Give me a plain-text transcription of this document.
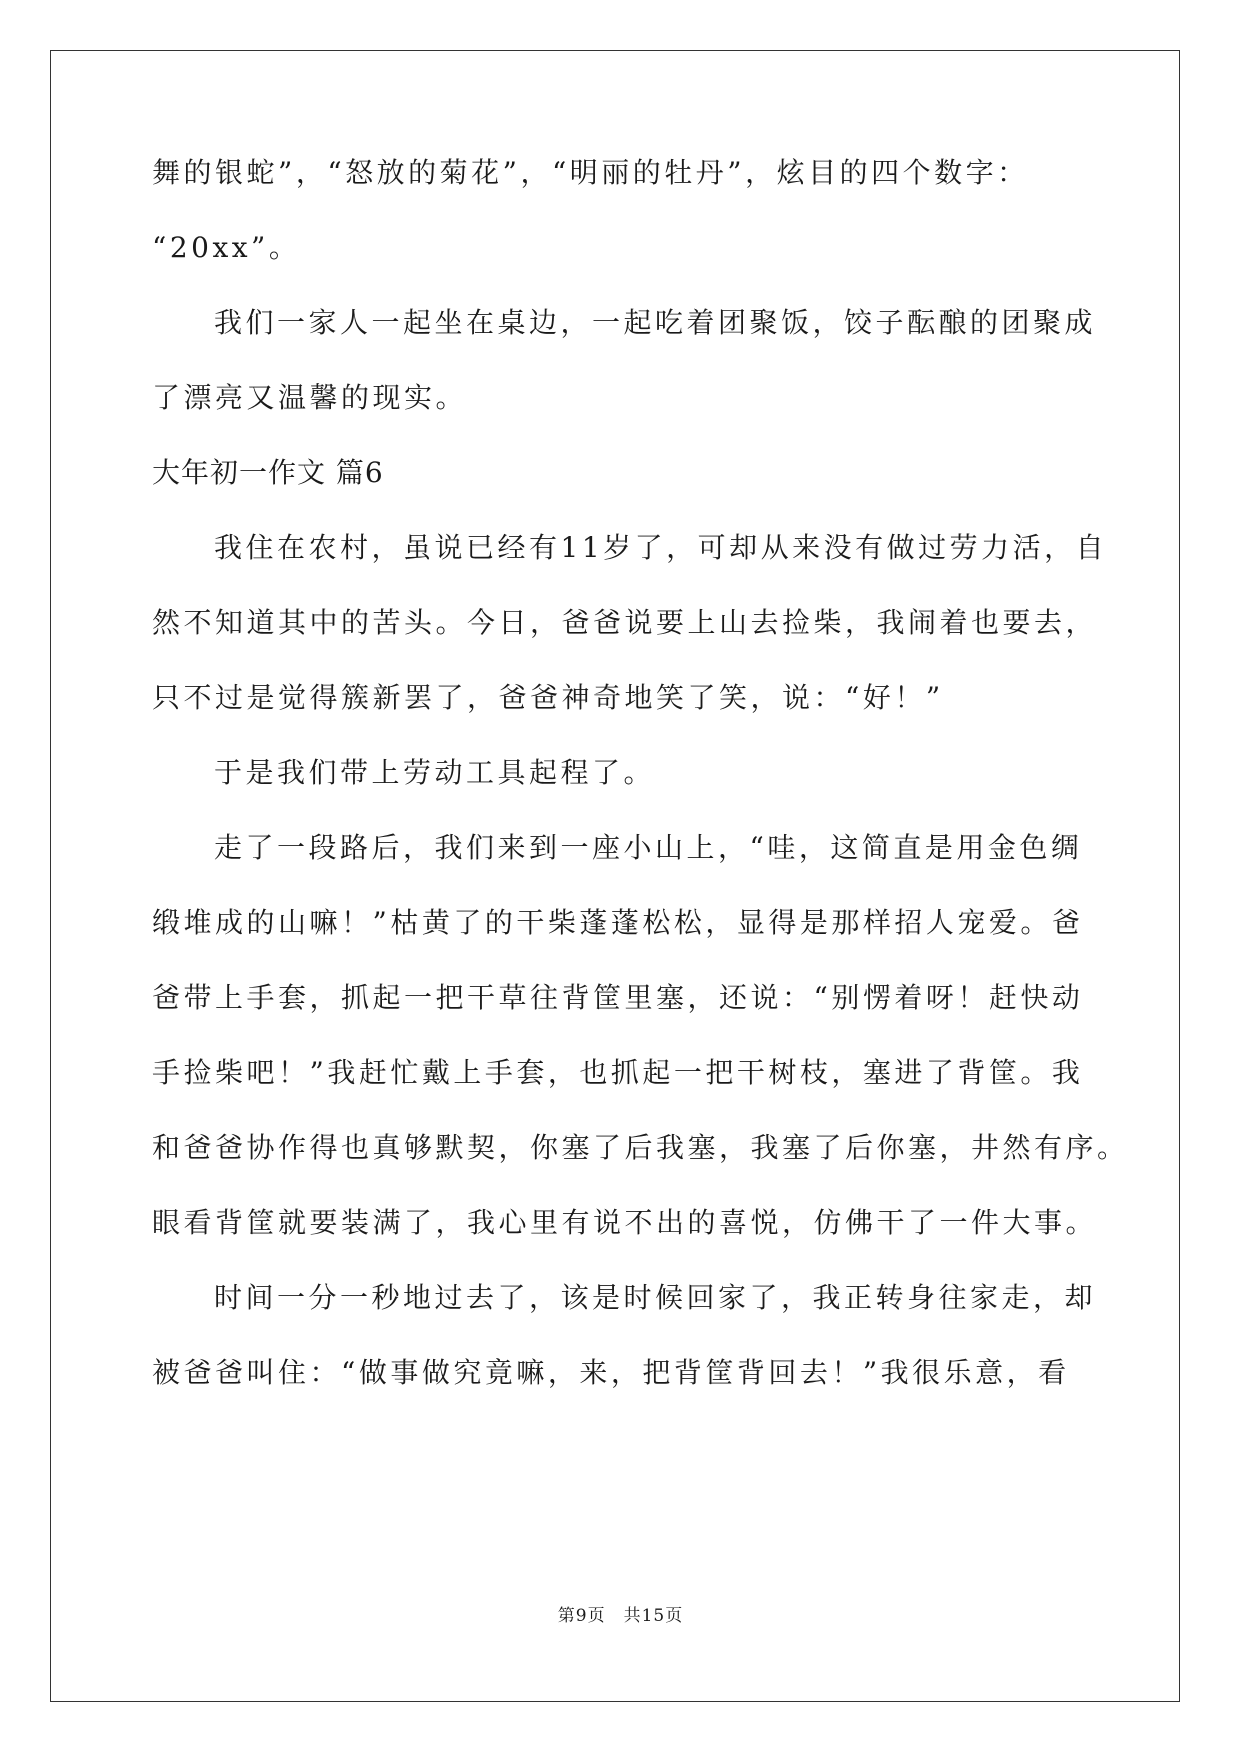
舞的银蛇”，“怒放的菊花”，“明丽的牡丹”，炫目的四个数字：
“20xx”。
我们一家人一起坐在桌边，一起吃着团聚饭，饺子酝酿的团聚成
了漂亮又温馨的现实。
大年初一作文 篇6
我住在农村，虽说已经有11岁了，可却从来没有做过劳力活，自
然不知道其中的苦头。今日，爸爸说要上山去捡柴，我闹着也要去，
只不过是觉得簇新罢了，爸爸神奇地笑了笑，说：“好！”
于是我们带上劳动工具起程了。
走了一段路后，我们来到一座小山上，“哇，这简直是用金色绸
缎堆成的山嘛！”枯黄了的干柴蓬蓬松松，显得是那样招人宠爱。爸
爸带上手套，抓起一把干草往背筐里塞，还说：“别愣着呀！赶快动
手捡柴吧！”我赶忙戴上手套，也抓起一把干树枝，塞进了背筐。我
和爸爸协作得也真够默契，你塞了后我塞，我塞了后你塞，井然有序。
眼看背筐就要装满了，我心里有说不出的喜悦，仿佛干了一件大事。
时间一分一秒地过去了，该是时候回家了，我正转身往家走，却
被爸爸叫住：“做事做究竟嘛，来，把背筐背回去！”我很乐意，看
第9页　共15页
